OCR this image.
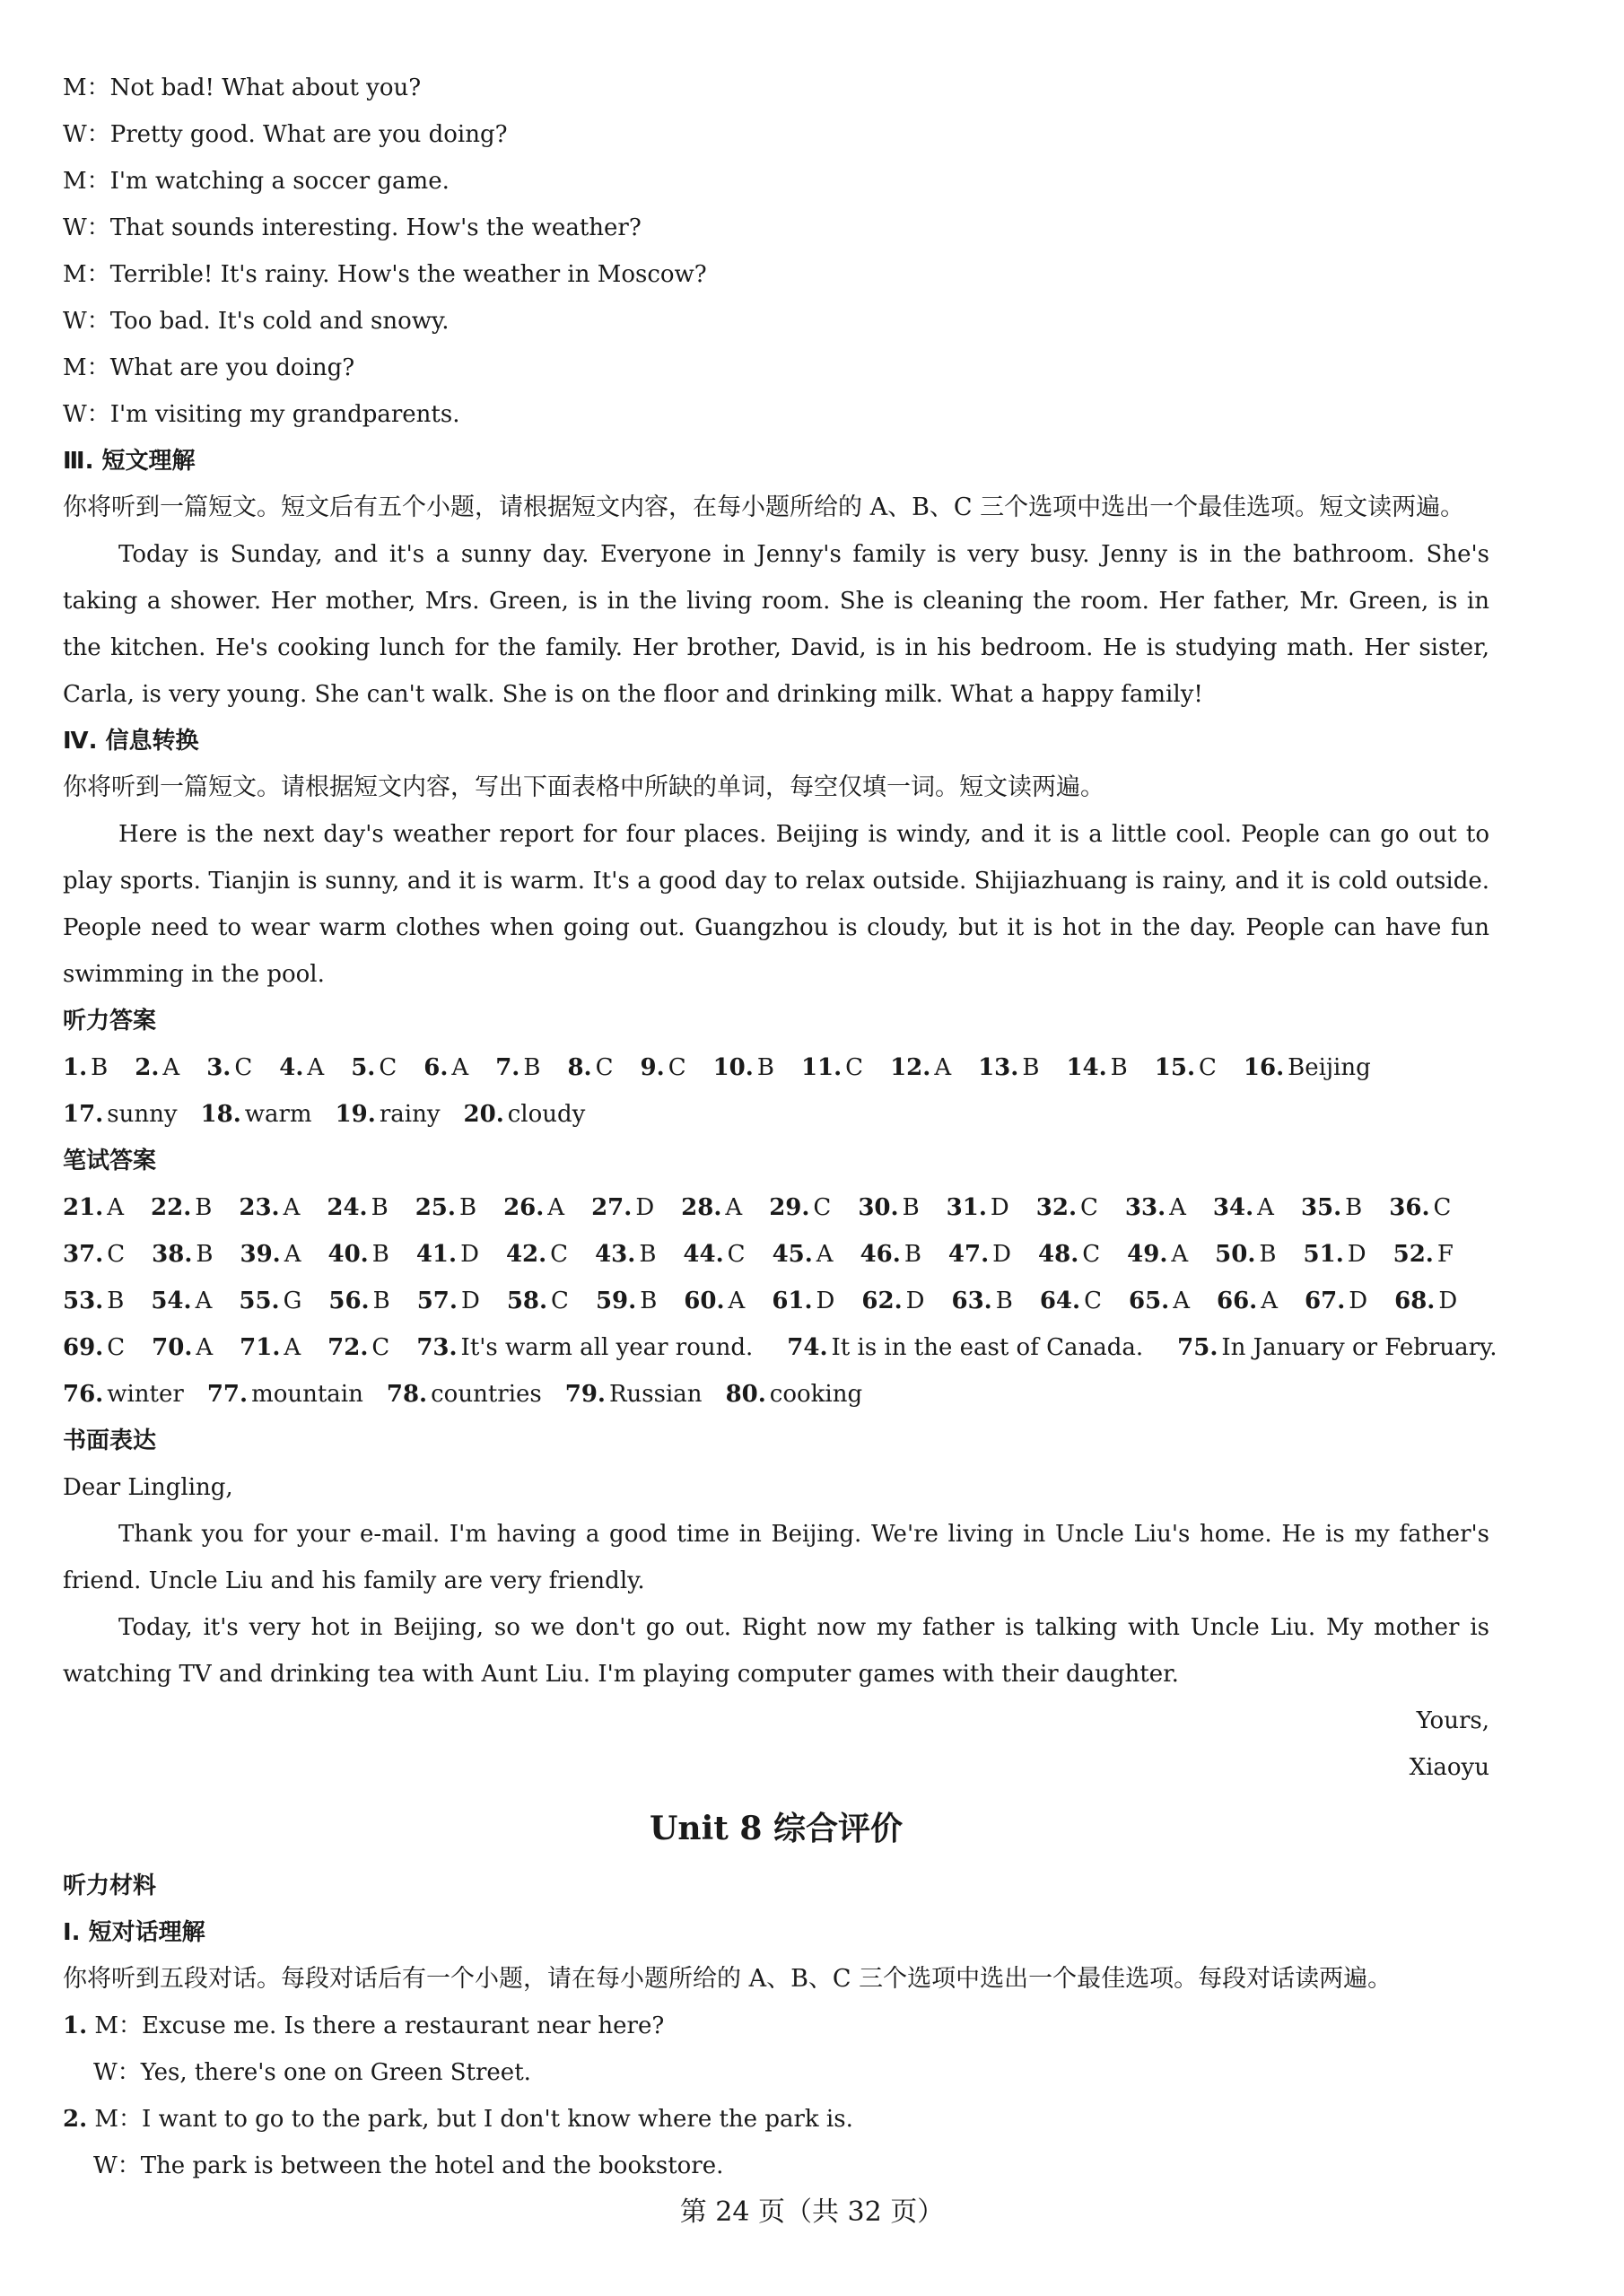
M：Not bad! What about you?
W：Pretty good. What are you doing?
M：I'm watching a soccer game.
W：That sounds interesting. How's the weather?
M：Terrible! It's rainy. How's the weather in Moscow?
W：Too bad. It's cold and snowy.
M：What are you doing?
W：I'm visiting my grandparents.
Ⅲ. 短文理解
你将听到一篇短文。短文后有五个小题，请根据短文内容，在每小题所给的 A、B、C 三个选项中选出一个最佳选项。短文读两遍。
Today is Sunday, and it's a sunny day. Everyone in Jenny's family is very busy. Jenny is in the bathroom. She's taking a shower. Her mother, Mrs. Green, is in the living room. She is cleaning the room. Her father, Mr. Green, is in the kitchen. He's cooking lunch for the family. Her brother, David, is in his bedroom. He is studying math. Her sister, Carla, is very young. She can't walk. She is on the floor and drinking milk. What a happy family!
Ⅳ. 信息转换
你将听到一篇短文。请根据短文内容，写出下面表格中所缺的单词，每空仅填一词。短文读两遍。
Here is the next day's weather report for four places. Beijing is windy, and it is a little cool. People can go out to play sports. Tianjin is sunny, and it is warm. It's a good day to relax outside. Shijiazhuang is rainy, and it is cold outside. People need to wear warm clothes when going out. Guangzhou is cloudy, but it is hot in the day. People can have fun swimming in the pool.
听力答案
1. B 2. A 3. C 4. A 5. C 6. A 7. B 8. C 9. C 10. B 11. C 12. A 13. B 14. B 15. C 16. Beijing
17. sunny 18. warm 19. rainy 20. cloudy
笔试答案
21. A 22. B 23. A 24. B 25. B 26. A 27. D 28. A 29. C 30. B 31. D 32. C 33. A 34. A 35. B 36. C
37. C 38. B 39. A 40. B 41. D 42. C 43. B 44. C 45. A 46. B 47. D 48. C 49. A 50. B 51. D 52. F
53. B 54. A 55. G 56. B 57. D 58. C 59. B 60. A 61. D 62. D 63. B 64. C 65. A 66. A 67. D 68. D
69. C 70. A 71. A 72. C 73. It's warm all year round. 74. It is in the east of Canada. 75. In January or February.
76. winter 77. mountain 78. countries 79. Russian 80. cooking
书面表达
Dear Lingling,
Thank you for your e-mail. I'm having a good time in Beijing. We're living in Uncle Liu's home. He is my father's friend. Uncle Liu and his family are very friendly.
Today, it's very hot in Beijing, so we don't go out. Right now my father is talking with Uncle Liu. My mother is watching TV and drinking tea with Aunt Liu. I'm playing computer games with their daughter.
Yours,
Xiaoyu
Unit 8 综合评价
听力材料
Ⅰ. 短对话理解
你将听到五段对话。每段对话后有一个小题，请在每小题所给的 A、B、C 三个选项中选出一个最佳选项。每段对话读两遍。
1. M：Excuse me. Is there a restaurant near here?
W：Yes, there's one on Green Street.
2. M：I want to go to the park, but I don't know where the park is.
W：The park is between the hotel and the bookstore.
第 24 页（共 32 页）
